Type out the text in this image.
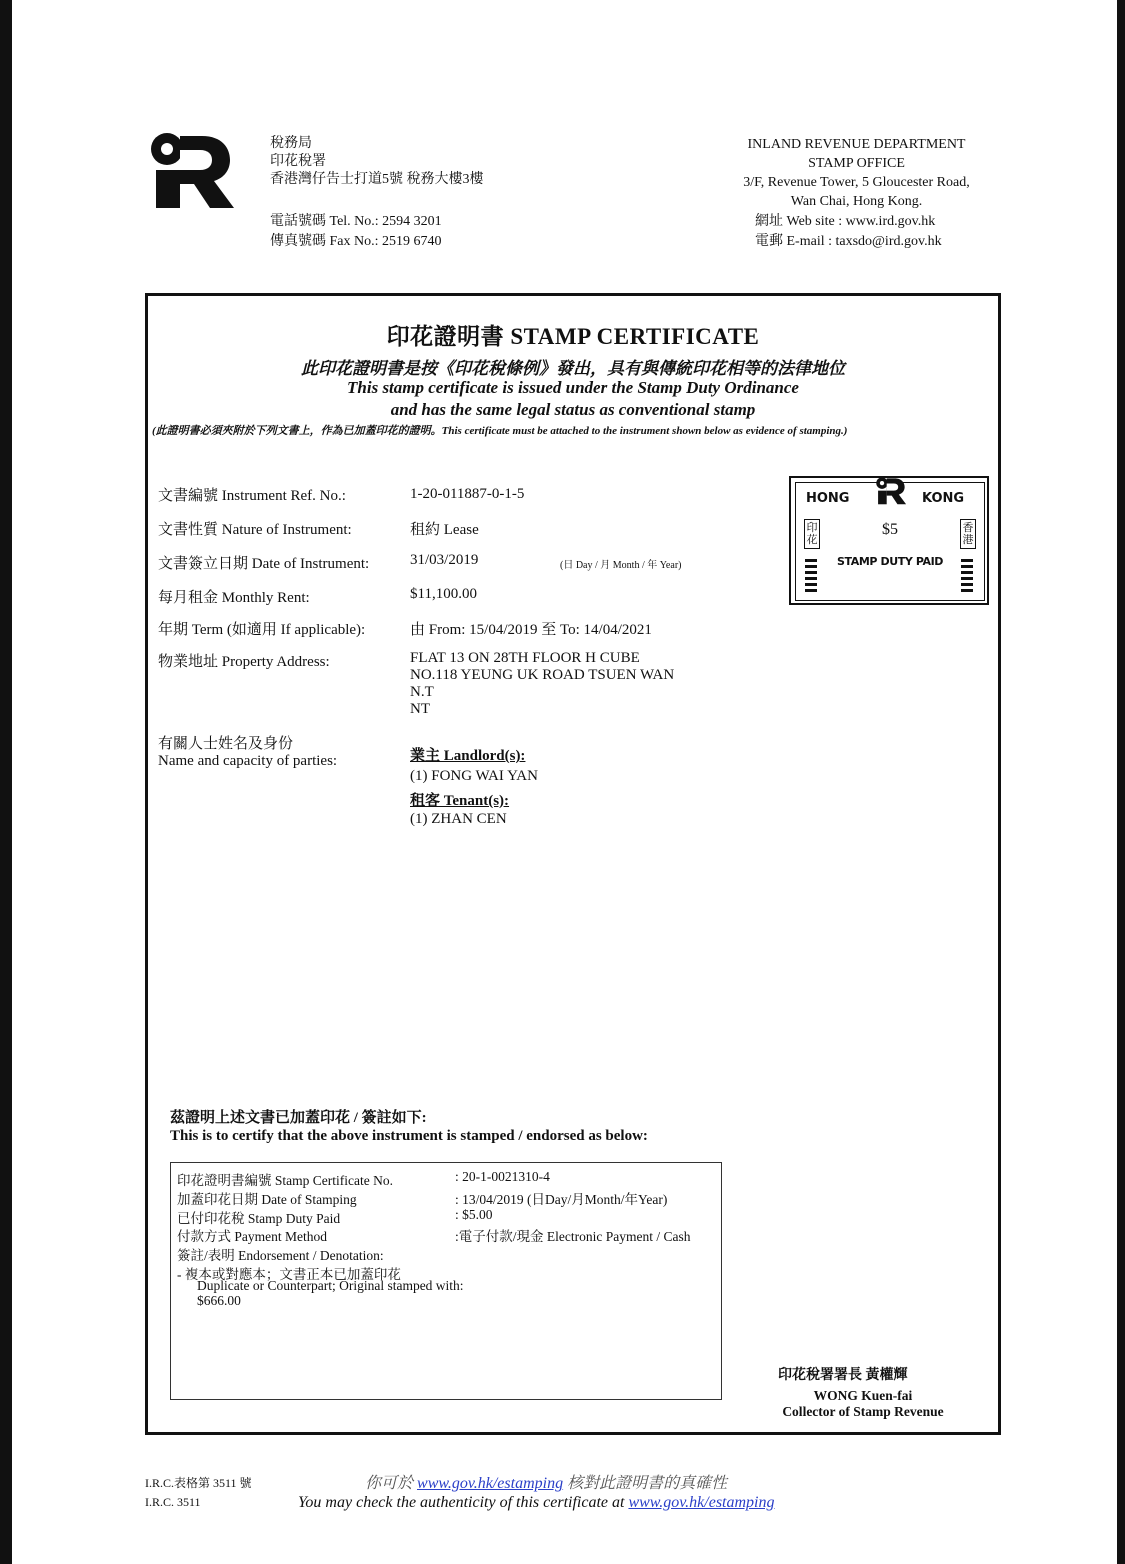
稅務局
印花稅署
香港灣仔告士打道5號 稅務大樓3樓
電話號碼 Tel. No.: 2594 3201
傳真號碼 Fax No.: 2519 6740
INLAND REVENUE DEPARTMENT
STAMP OFFICE
3/F, Revenue Tower, 5 Gloucester Road,
Wan Chai, Hong Kong.
網址 Web site : www.ird.gov.hk
電郵 E-mail : taxsdo@ird.gov.hk
印花證明書 STAMP CERTIFICATE
此印花證明書是按《印花稅條例》發出，具有與傳統印花相等的法律地位
This stamp certificate is issued under the Stamp Duty Ordinance
and has the same legal status as conventional stamp
(此證明書必須夾附於下列文書上，作為已加蓋印花的證明。This certificate must be attached to the instrument shown below as evidence of stamping.)
文書編號 Instrument Ref. No.:	1-20-011887-0-1-5
文書性質 Nature of Instrument:	租約 Lease
文書簽立日期 Date of Instrument:	31/03/2019	(日 Day / 月 Month / 年 Year)
每月租金 Monthly Rent:	$11,100.00
年期 Term (如適用 If applicable):	由 From: 15/04/2019 至 To: 14/04/2021
物業地址 Property Address:	FLAT 13 ON 28TH FLOOR H CUBE
NO.118 YEUNG UK ROAD TSUEN WAN
N.T
NT
有關人士姓名及身份
Name and capacity of parties:	業主 Landlord(s):
(1) FONG WAI YAN
租客 Tenant(s):
(1) ZHAN CEN
HONG	KONG
$5
STAMP DUTY PAID
印花
香港
茲證明上述文書已加蓋印花 / 簽註如下:
This is to certify that the above instrument is stamped / endorsed as below:
印花證明書編號 Stamp Certificate No.	: 20-1-0021310-4
加蓋印花日期 Date of Stamping	: 13/04/2019 (日Day/月Month/年Year)
已付印花稅 Stamp Duty Paid	: $5.00
付款方式 Payment Method	:電子付款/現金 Electronic Payment / Cash
簽註/表明 Endorsement / Denotation:
- 複本或對應本；文書正本已加蓋印花
Duplicate or Counterpart; Original stamped with:
$666.00
印花稅署署長 黃權輝
WONG Kuen-fai
Collector of Stamp Revenue
I.R.C.表格第 3511 號
I.R.C. 3511
你可於 www.gov.hk/estamping 核對此證明書的真確性
You may check the authenticity of this certificate at www.gov.hk/estamping
